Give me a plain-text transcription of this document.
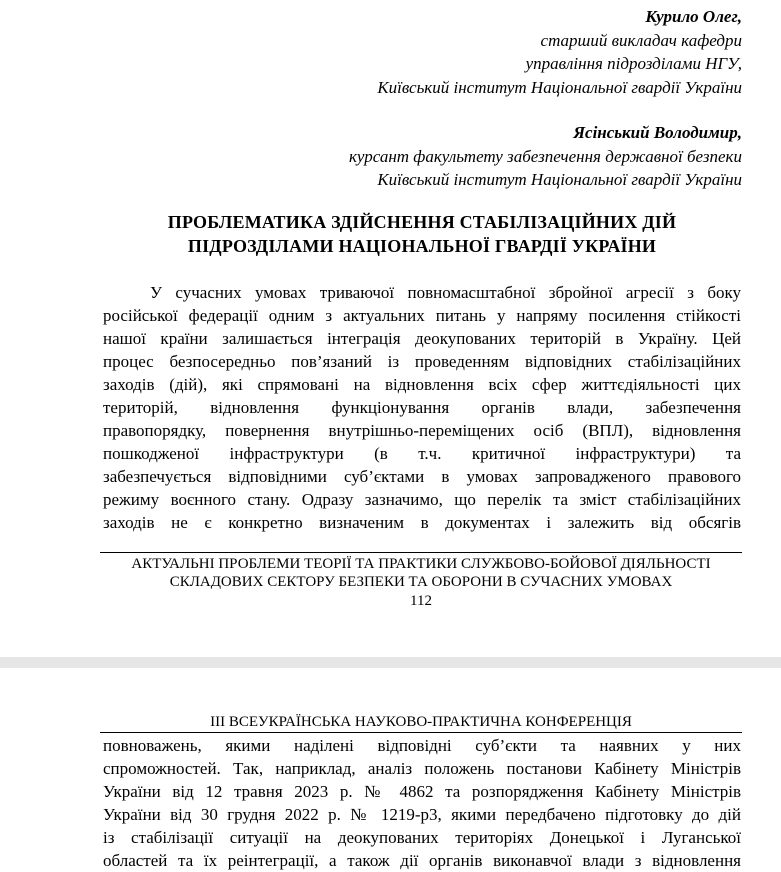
Курило Олег,
старший викладач кафедри
управління підрозділами НГУ,
Київський інститут Національної гвардії України
Ясінський Володимир,
курсант факультету забезпечення державної безпеки
Київський інститут Національної гвардії України
ПРОБЛЕМАТИКА ЗДІЙСНЕННЯ СТАБІЛІЗАЦІЙНИХ ДІЙ
ПІДРОЗДІЛАМИ НАЦІОНАЛЬНОЇ ГВАРДІЇ УКРАЇНИ
У сучасних умовах триваючої повномасштабної збройної агресії з боку
російської федерації одним з актуальних питань у напряму посилення стійкості
нашої країни залишається інтеграція деокупованих територій в Україну. Цей
процес безпосередньо пов’язаний із проведенням відповідних стабілізаційних
заходів (дій), які спрямовані на відновлення всіх сфер життєдіяльності цих
територій, відновлення функціонування органів влади, забезпечення
правопорядку, повернення внутрішньо-переміщених осіб (ВПЛ), відновлення
пошкодженої інфраструктури (в т.ч. критичної інфраструктури) та
забезпечується відповідними суб’єктами в умовах запровадженого правового
режиму воєнного стану. Одразу зазначимо, що перелік та зміст стабілізаційних
заходів не є конкретно визначеним в документах і залежить від обсягів
АКТУАЛЬНІ ПРОБЛЕМИ ТЕОРІЇ ТА ПРАКТИКИ СЛУЖБОВО-БОЙОВОЇ ДІЯЛЬНОСТІ
СКЛАДОВИХ СЕКТОРУ БЕЗПЕКИ ТА ОБОРОНИ В СУЧАСНИХ УМОВАХ
112
ІІІ ВСЕУКРАЇНСЬКА НАУКОВО-ПРАКТИЧНА КОНФЕРЕНЦІЯ
повноважень, якими наділені відповідні суб’єкти та наявних у них
спроможностей. Так, наприклад, аналіз положень постанови Кабінету Міністрів
України від 12 травня 2023 р. № 4862 та розпорядження Кабінету Міністрів
України від 30 грудня 2022 р. № 1219-р3, якими передбачено підготовку до дій
із стабілізації ситуації на деокупованих територіях Донецької і Луганської
областей та їх реінтеграції, а також дії органів виконавчої влади з відновлення
